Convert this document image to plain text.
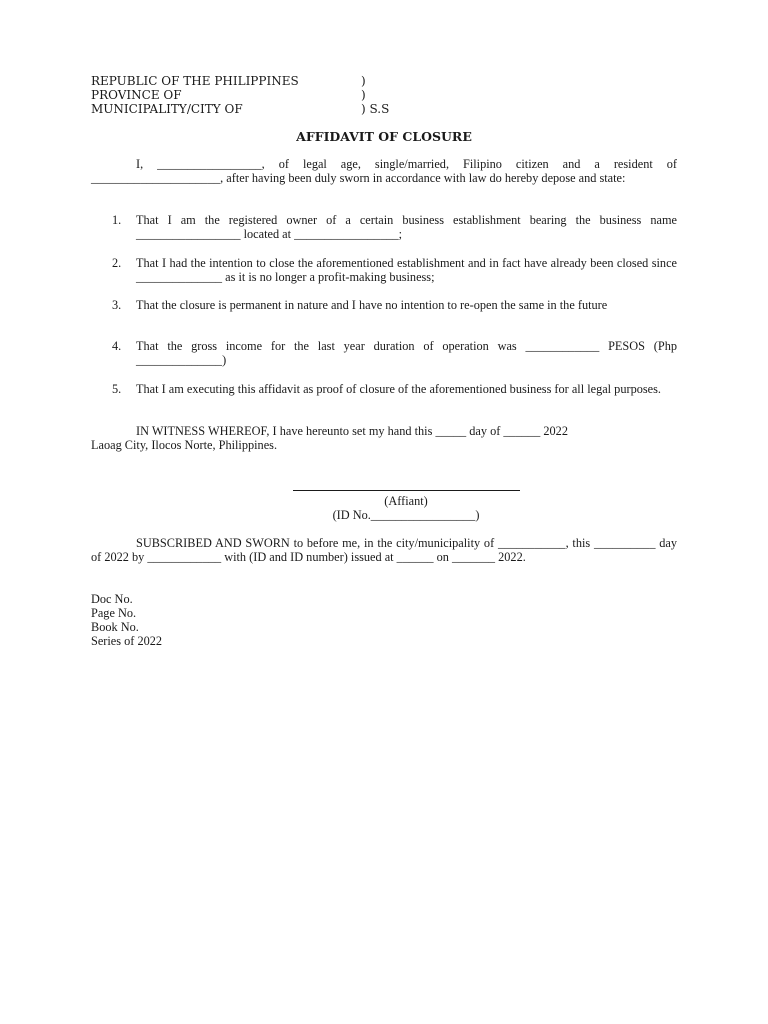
REPUBLIC OF THE PHILIPPINES	)
PROVINCE OF	)
MUNICIPALITY/CITY OF	) S.S
AFFIDAVIT OF CLOSURE
I, _________________, of legal age, single/married, Filipino citizen and a resident of _____________________, after having been duly sworn in accordance with law do hereby depose and state:
1. That I am the registered owner of a certain business establishment bearing the business name _________________ located at _________________;
2. That I had the intention to close the aforementioned establishment and in fact have already been closed since ______________ as it is no longer a profit-making business;
3. That the closure is permanent in nature and I have no intention to re-open the same in the future
4. That the gross income for the last year duration of operation was ____________ PESOS (Php ______________)
5. That I am executing this affidavit as proof of closure of the aforementioned business for all legal purposes.
IN WITNESS WHEREOF, I have hereunto set my hand this _____ day of ______ 2022
Laoag City, Ilocos Norte, Philippines.
(Affiant)
(ID No._________________)
SUBSCRIBED AND SWORN to before me, in the city/municipality of ___________, this __________ day of 2022 by ____________ with (ID and ID number) issued at ______ on _______ 2022.
Doc No.
Page No.
Book No.
Series of 2022
